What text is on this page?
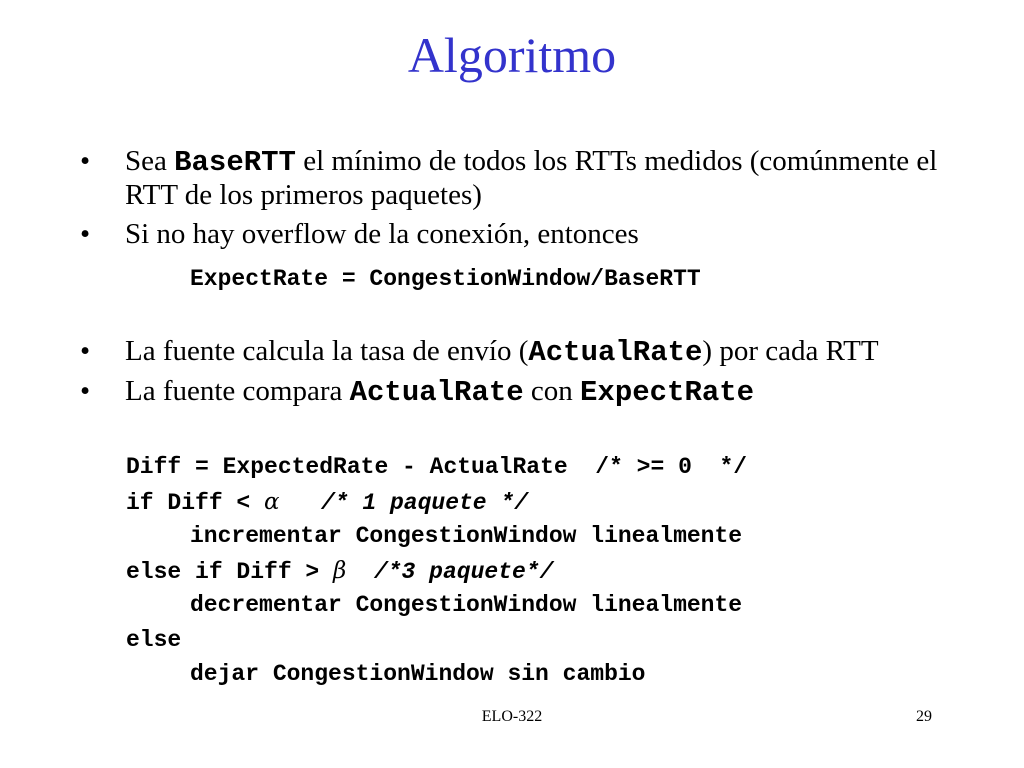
Algoritmo
• Sea BaseRTT el mínimo de todos los RTTs medidos (comúnmente el RTT de los primeros paquetes)
• Si no hay overflow de la conexión, entonces
• La fuente calcula la tasa de envío (ActualRate) por cada RTT
• La fuente compara ActualRate con ExpectRate
ExpectRate = CongestionWindow/BaseRTT
Diff = ExpectedRate - ActualRate  /* >= 0  */
if Diff < α   /* 1 paquete */
incrementar CongestionWindow linealmente
else if Diff > β  /*3 paquete*/
decrementar CongestionWindow linealmente
else
dejar CongestionWindow sin cambio
ELO-322	29
